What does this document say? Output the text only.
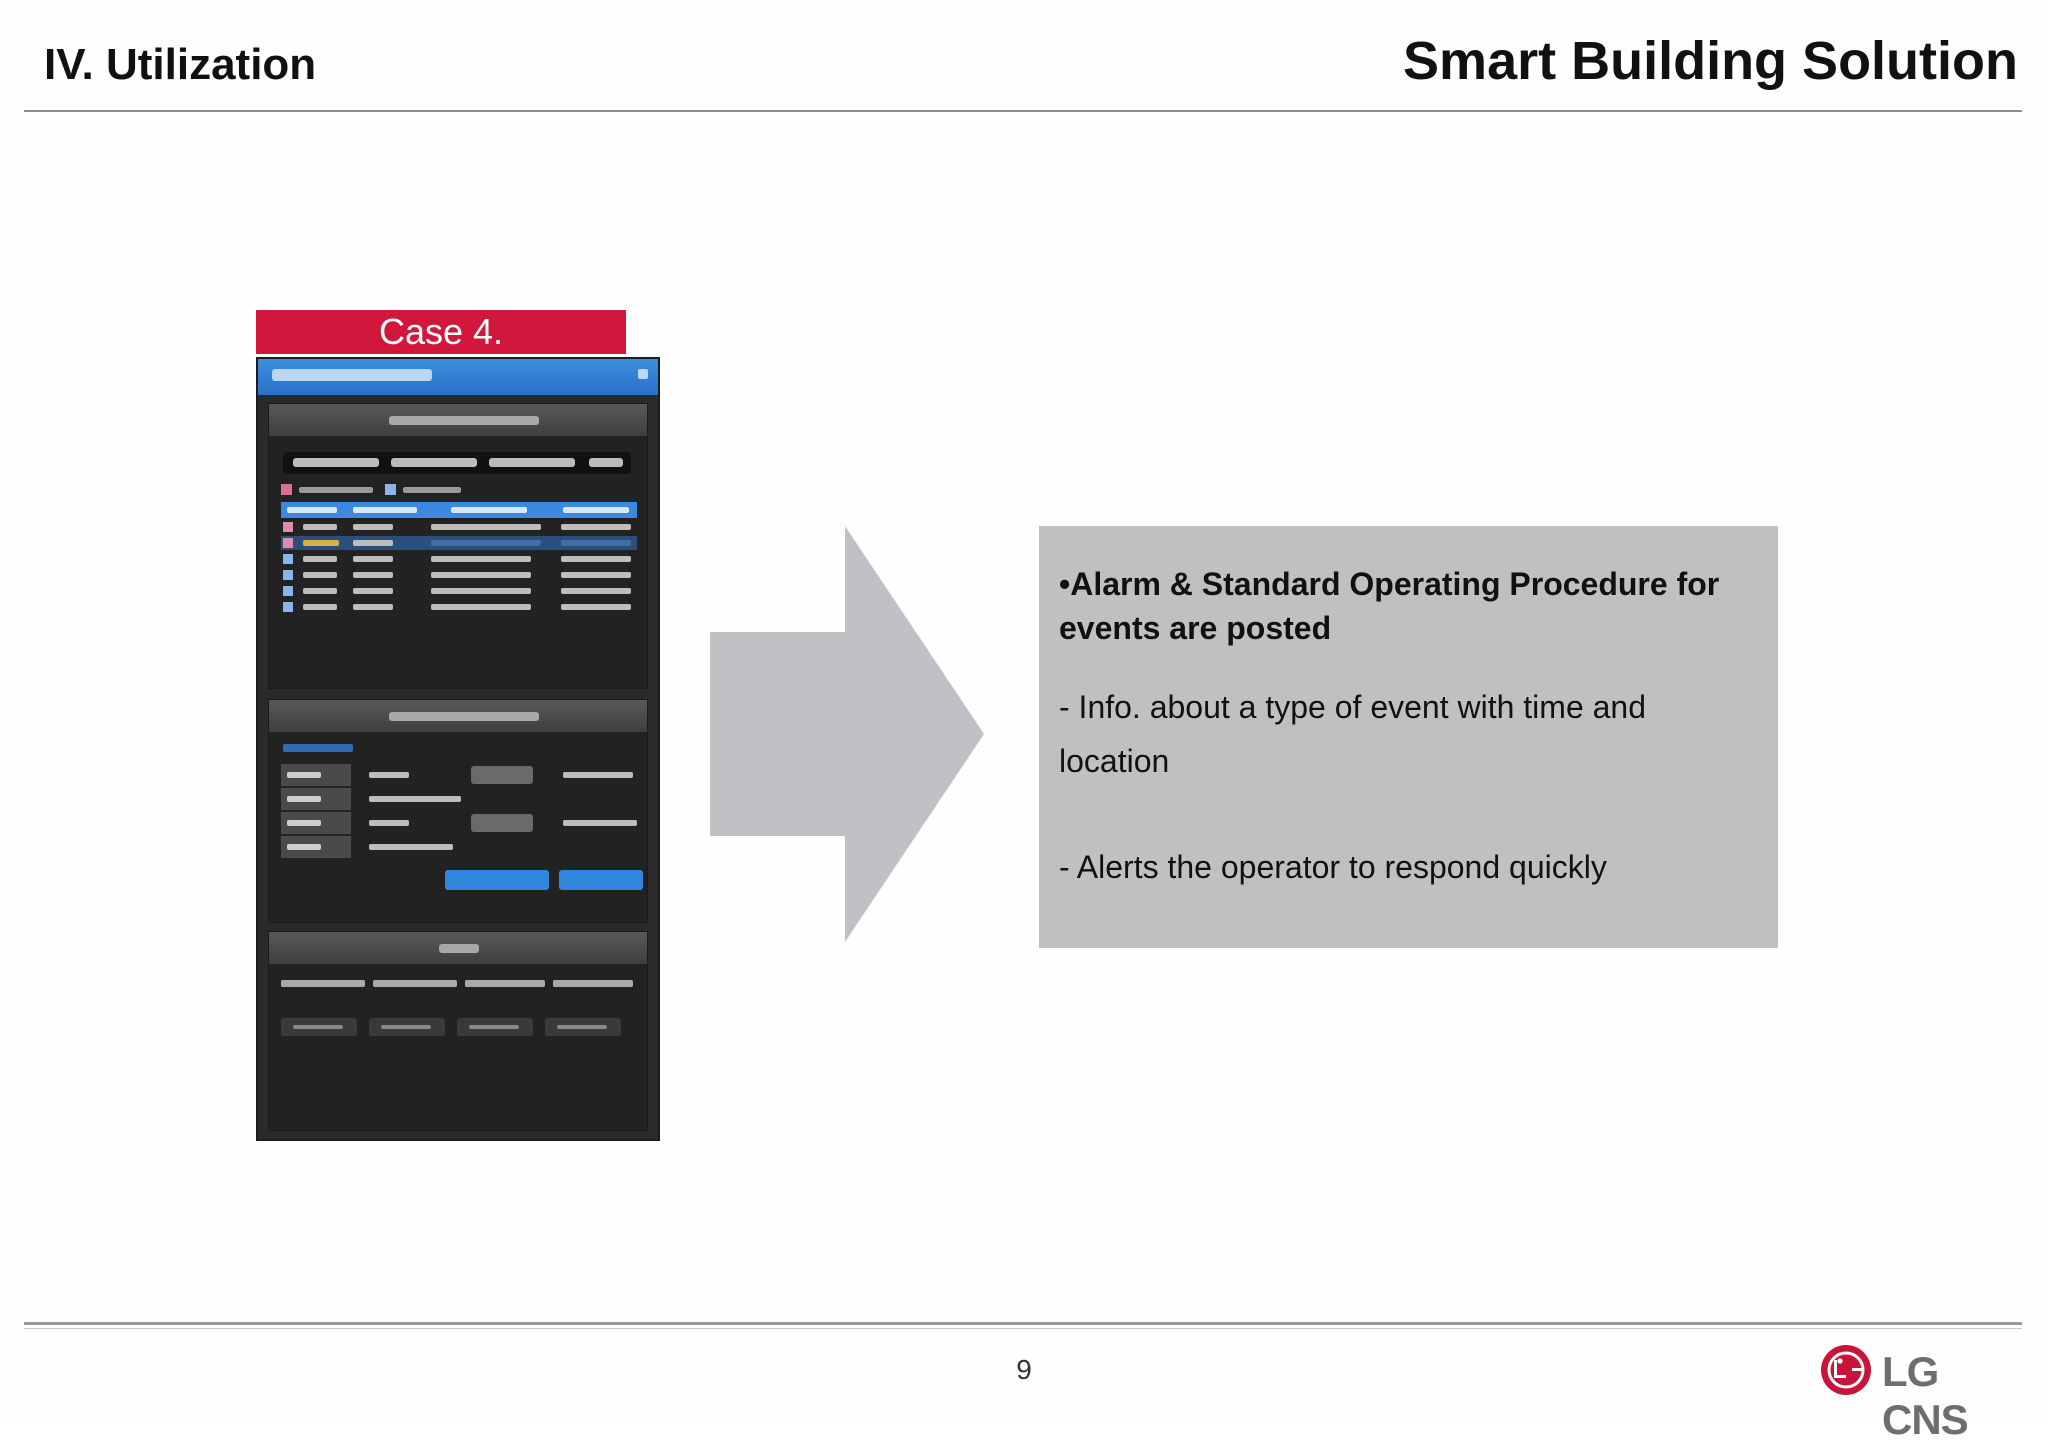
IV. Utilization	Smart Building Solution
Case 4.

•Alarm & Standard Operating Procedure for

events are posted

- Info. about a type of event with time and

location

- Alerts the operator to respond quickly

9	LG CNS
